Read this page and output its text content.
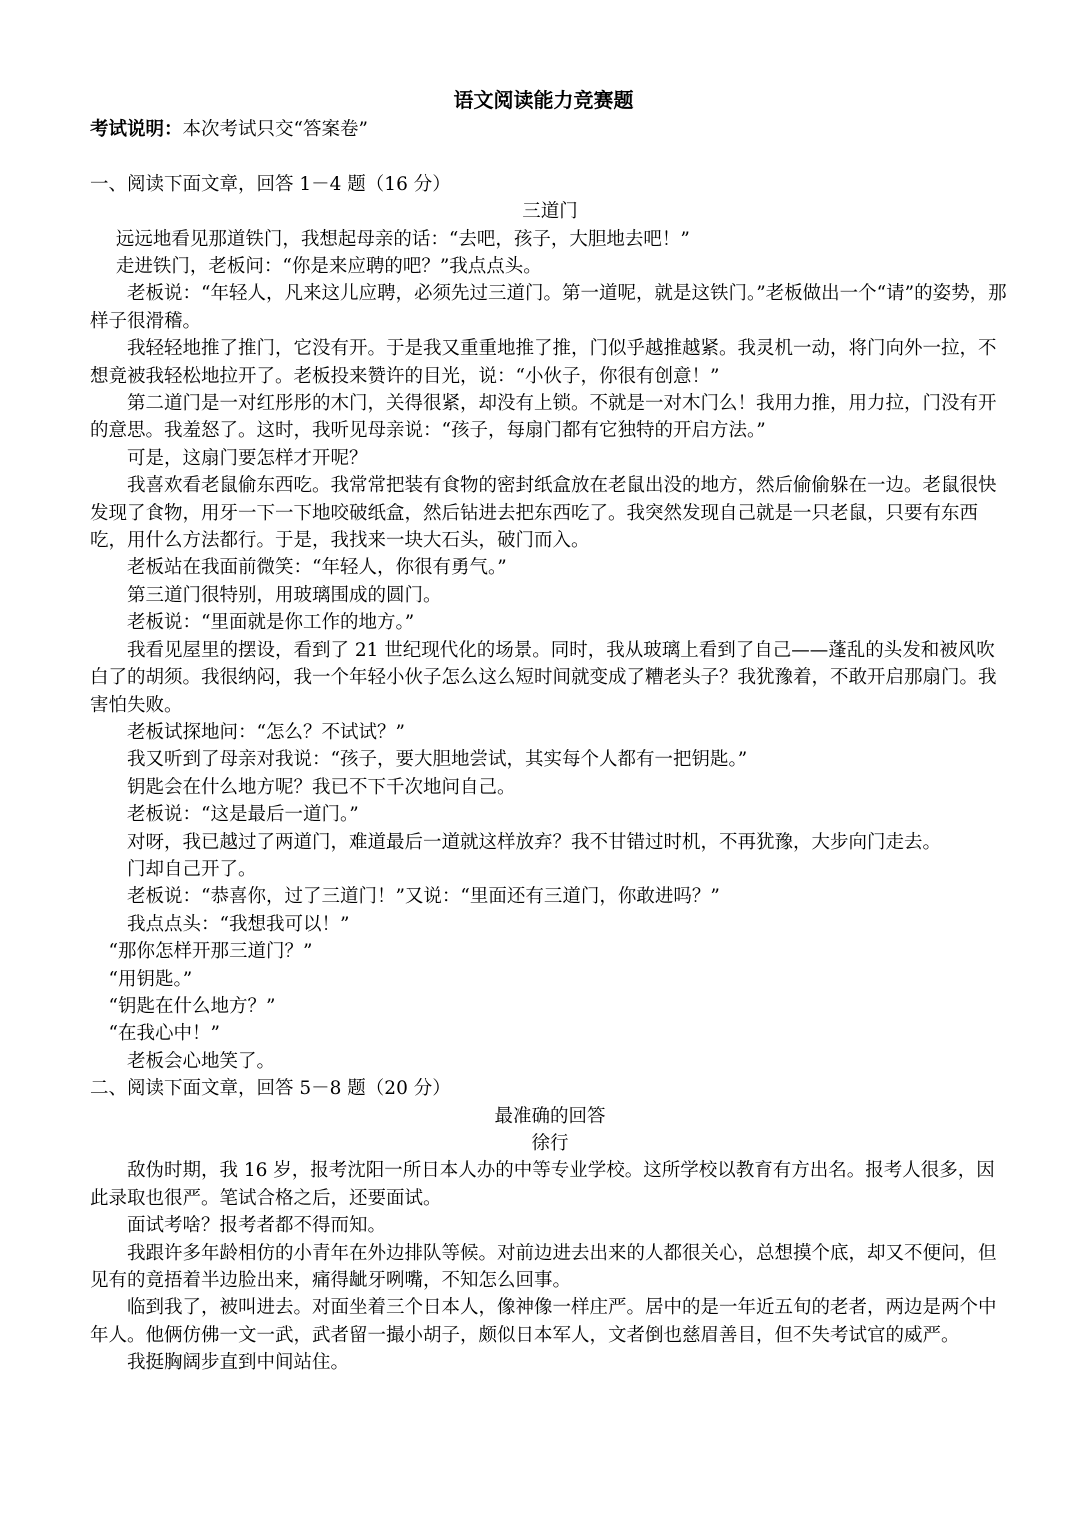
语文阅读能力竞赛题

考试说明：本次考试只交“答案卷”

一、阅读下面文章，回答 1－4 题（16 分）

三道门

远远地看见那道铁门，我想起母亲的话：“去吧，孩子，大胆地去吧！”

走进铁门，老板问：“你是来应聘的吧？”我点点头。

老板说：“年轻人，凡来这儿应聘，必须先过三道门。第一道呢，就是这铁门。”老板做出一个“请”的姿势，那样子很滑稽。

我轻轻地推了推门，它没有开。于是我又重重地推了推，门似乎越推越紧。我灵机一动，将门向外一拉，不想竟被我轻松地拉开了。老板投来赞许的目光，说：“小伙子，你很有创意！”

第二道门是一对红彤彤的木门，关得很紧，却没有上锁。不就是一对木门么！我用力推，用力拉，门没有开的意思。我羞怒了。这时，我听见母亲说：“孩子，每扇门都有它独特的开启方法。”

可是，这扇门要怎样才开呢？

我喜欢看老鼠偷东西吃。我常常把装有食物的密封纸盒放在老鼠出没的地方，然后偷偷躲在一边。老鼠很快发现了食物，用牙一下一下地咬破纸盒，然后钻进去把东西吃了。我突然发现自己就是一只老鼠，只要有东西吃，用什么方法都行。于是，我找来一块大石头，破门而入。

老板站在我面前微笑：“年轻人，你很有勇气。”

第三道门很特别，用玻璃围成的圆门。

老板说：“里面就是你工作的地方。”

我看见屋里的摆设，看到了 21 世纪现代化的场景。同时，我从玻璃上看到了自己——蓬乱的头发和被风吹白了的胡须。我很纳闷，我一个年轻小伙子怎么这么短时间就变成了糟老头子？我犹豫着，不敢开启那扇门。我害怕失败。

老板试探地问：“怎么？不试试？”

我又听到了母亲对我说：“孩子，要大胆地尝试，其实每个人都有一把钥匙。”

钥匙会在什么地方呢？我已不下千次地问自己。

老板说：“这是最后一道门。”

对呀，我已越过了两道门，难道最后一道就这样放弃？我不甘错过时机，不再犹豫，大步向门走去。

门却自己开了。

老板说：“恭喜你，过了三道门！”又说：“里面还有三道门，你敢进吗？”

我点点头：“我想我可以！”

“那你怎样开那三道门？”

“用钥匙。”

“钥匙在什么地方？”

“在我心中！”

老板会心地笑了。

二、阅读下面文章，回答 5－8 题（20 分）

最准确的回答

徐行

敌伪时期，我 16 岁，报考沈阳一所日本人办的中等专业学校。这所学校以教育有方出名。报考人很多，因此录取也很严。笔试合格之后，还要面试。

面试考啥？报考者都不得而知。

我跟许多年龄相仿的小青年在外边排队等候。对前边进去出来的人都很关心，总想摸个底，却又不便问，但见有的竟捂着半边脸出来，痛得龇牙咧嘴，不知怎么回事。

临到我了，被叫进去。对面坐着三个日本人，像神像一样庄严。居中的是一年近五旬的老者，两边是两个中年人。他俩仿佛一文一武，武者留一撮小胡子，颇似日本军人，文者倒也慈眉善目，但不失考试官的威严。

我挺胸阔步直到中间站住。
